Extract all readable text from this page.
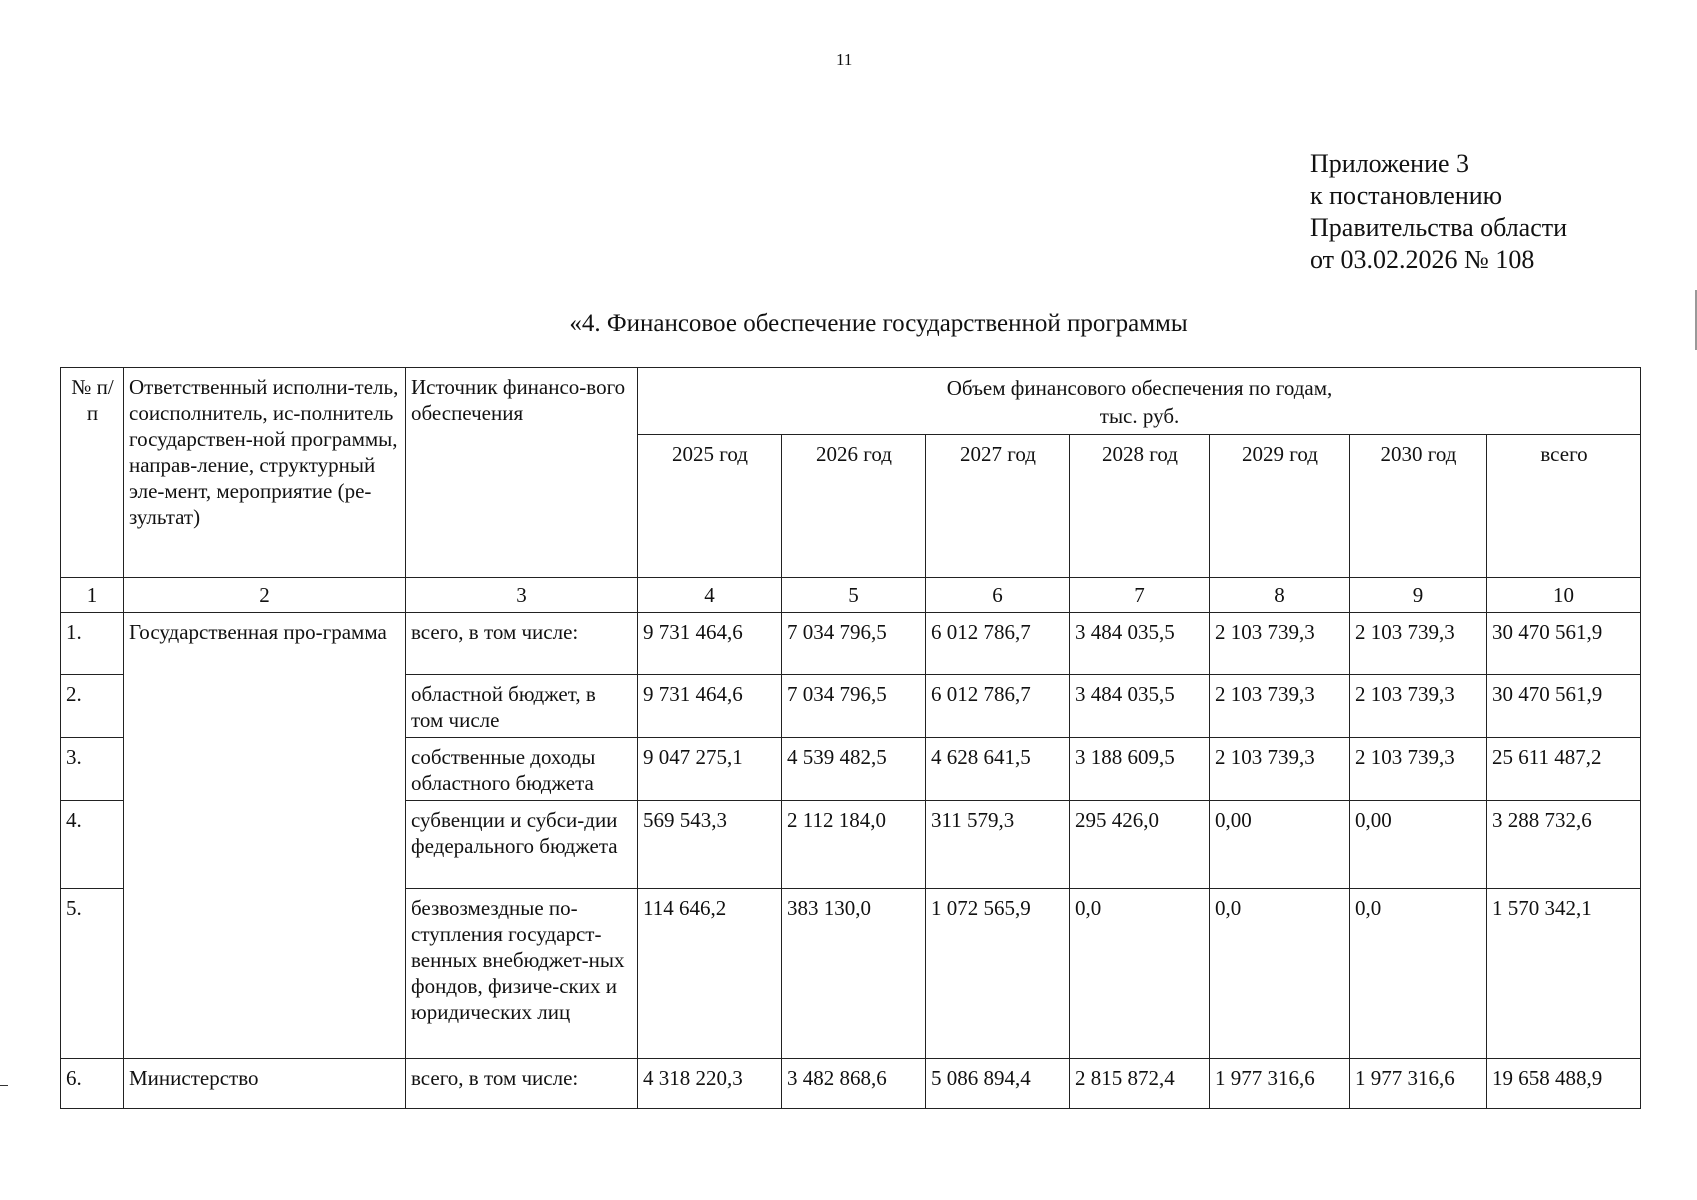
11
Приложение 3
к постановлению
Правительства области
от 03.02.2026 № 108
«4. Финансовое обеспечение государственной программы
№ п/п	Ответственный исполни-тель, соисполнитель, ис-полнитель государствен-ной программы, направ-ление, структурный эле-мент, мероприятие (ре-зультат)	Источник финансо-вого обеспечения	Объем финансового обеспечения по годам,
тыс. руб.						

			2025 год	2026 год	2027 год	2028 год	2029 год	2030 год	всего
1	2	3	4	5	6	7	8	9	10
1.	Государственная про-грамма	всего, в том числе:	9 731 464,6	7 034 796,5	6 012 786,7	3 484 035,5	2 103 739,3	2 103 739,3	30 470 561,9
2.		областной бюджет, в том числе	9 731 464,6	7 034 796,5	6 012 786,7	3 484 035,5	2 103 739,3	2 103 739,3	30 470 561,9
3.		собственные доходы областного бюджета	9 047 275,1	4 539 482,5	4 628 641,5	3 188 609,5	2 103 739,3	2 103 739,3	25 611 487,2
4.		субвенции и субси-дии федерального бюджета	569 543,3	2 112 184,0	311 579,3	295 426,0	0,00	0,00	3 288 732,6
5.		безвозмездные по-ступления государст-венных внебюджет-ных фондов, физиче-ских и юридических лиц	114 646,2	383 130,0	1 072 565,9	0,0	0,0	0,0	1 570 342,1
6.	Министерство	всего, в том числе:	4 318 220,3	3 482 868,6	5 086 894,4	2 815 872,4	1 977 316,6	1 977 316,6	19 658 488,9
